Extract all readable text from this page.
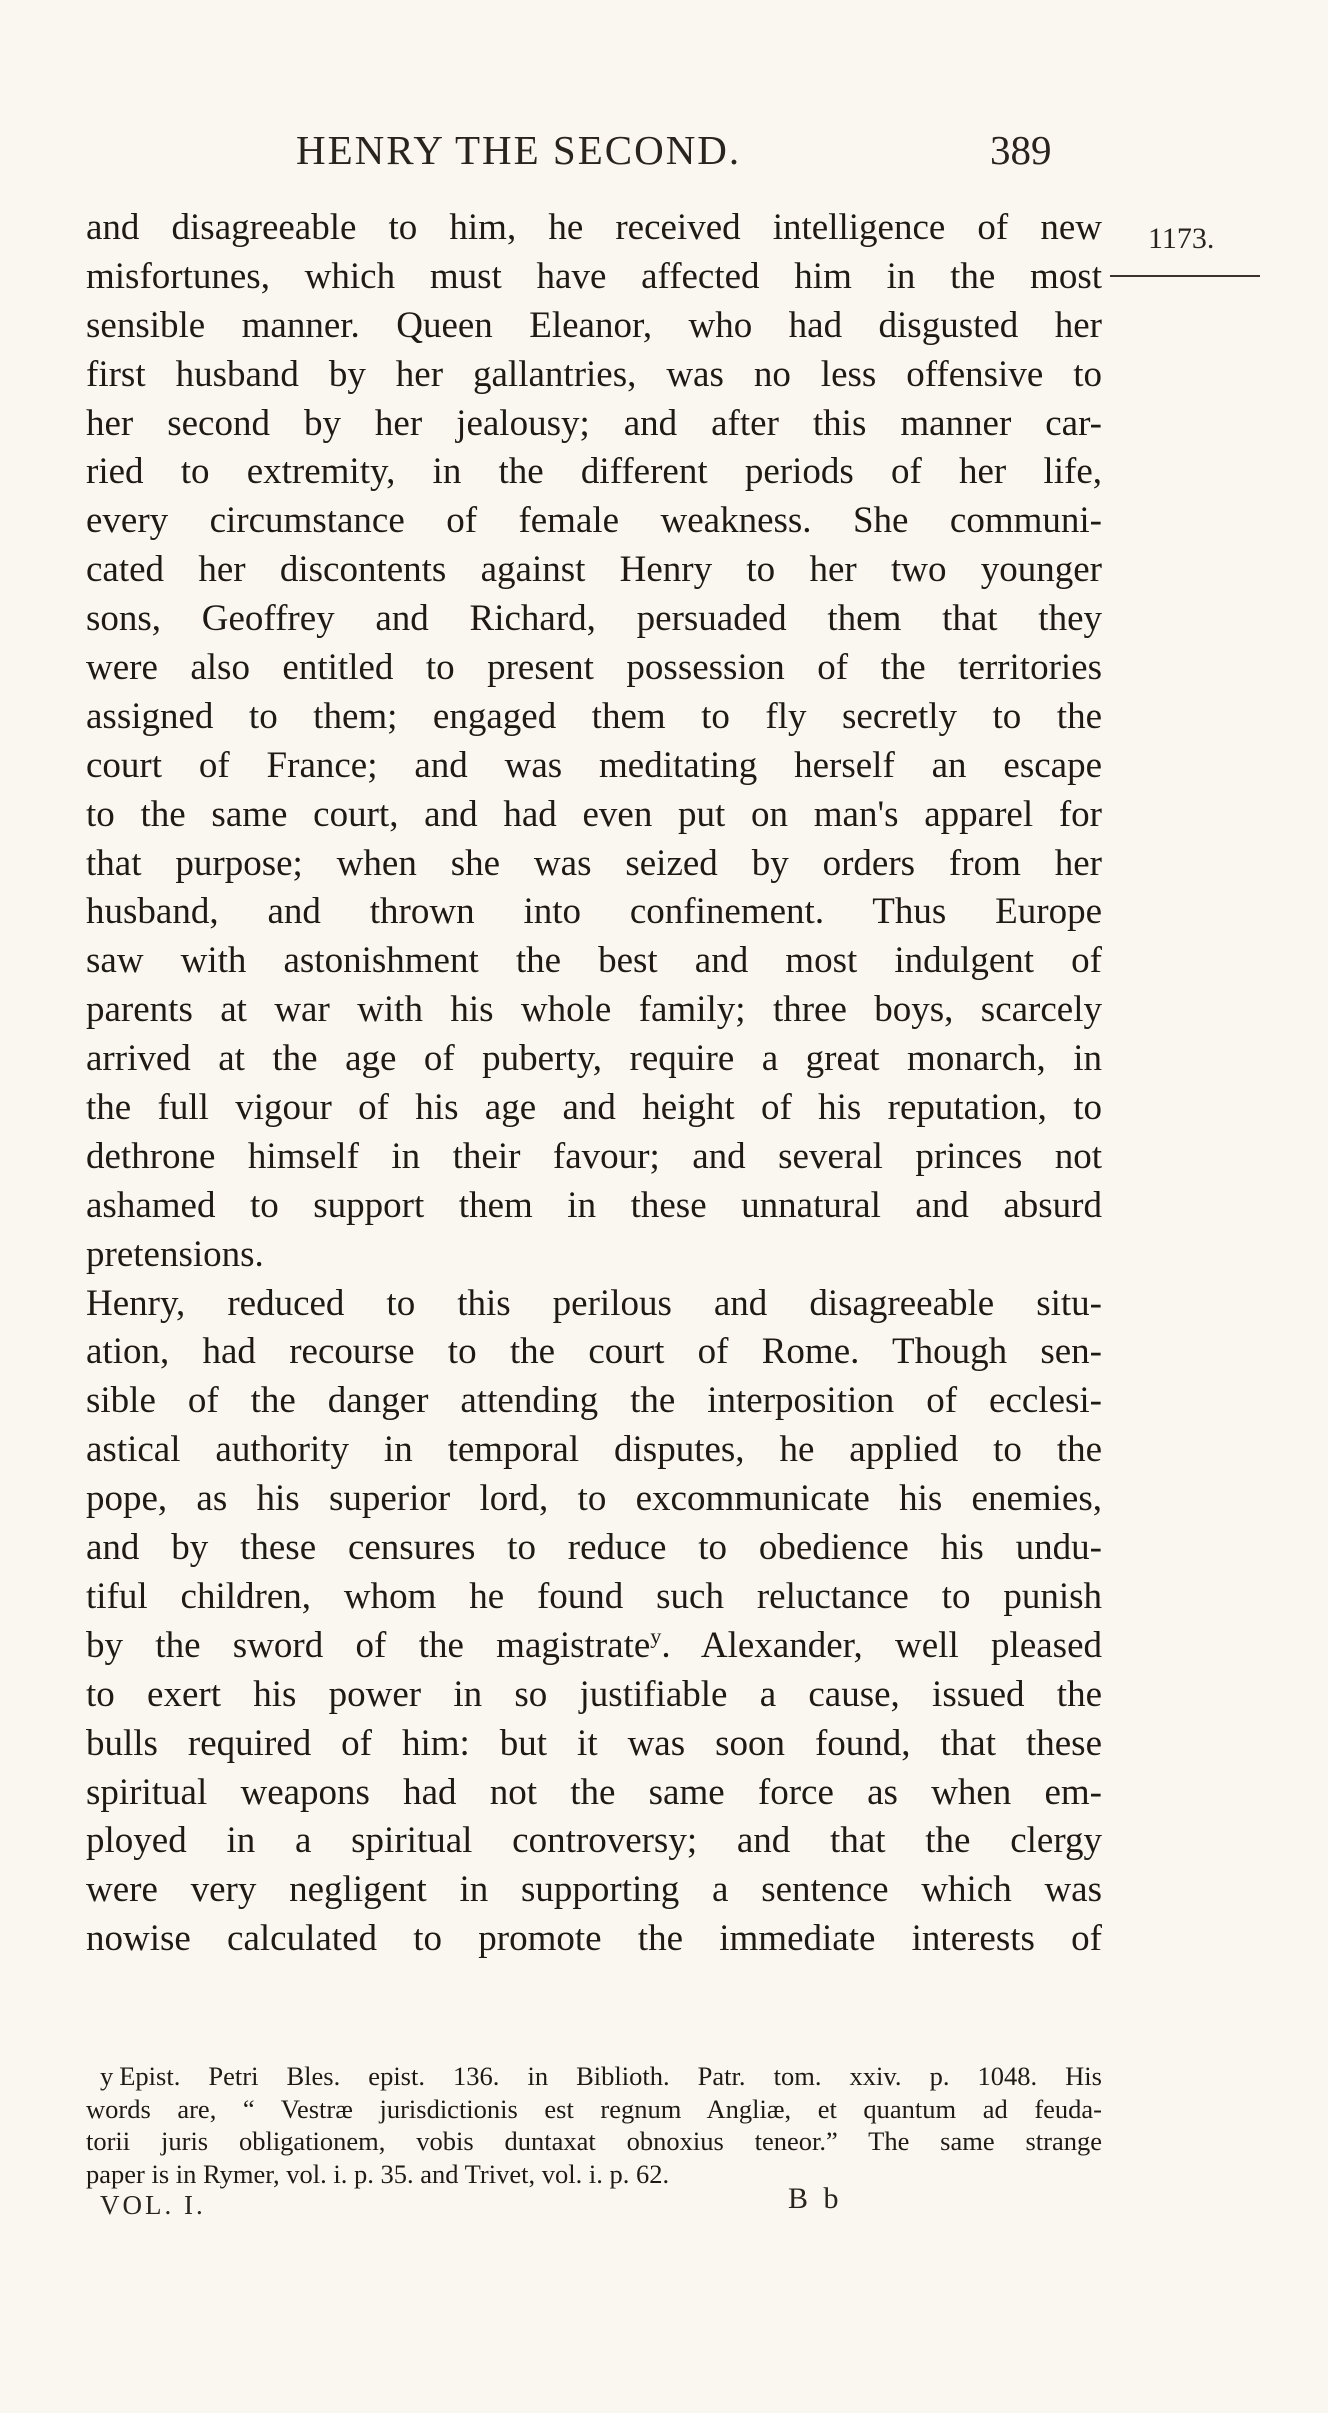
HENRY THE SECOND.	389
1173.
and disagreeable to him, he received intelligence of new
misfortunes, which must have affected him in the most
sensible manner. Queen Eleanor, who had disgusted her
first husband by her gallantries, was no less offensive to
her second by her jealousy; and after this manner car-
ried to extremity, in the different periods of her life,
every circumstance of female weakness. She communi-
cated her discontents against Henry to her two younger
sons, Geoffrey and Richard, persuaded them that they
were also entitled to present possession of the territories
assigned to them; engaged them to fly secretly to the
court of France; and was meditating herself an escape
to the same court, and had even put on man's apparel for
that purpose; when she was seized by orders from her
husband, and thrown into confinement. Thus Europe
saw with astonishment the best and most indulgent of
parents at war with his whole family; three boys, scarcely
arrived at the age of puberty, require a great monarch, in
the full vigour of his age and height of his reputation, to
dethrone himself in their favour; and several princes not
ashamed to support them in these unnatural and absurd
pretensions.
Henry, reduced to this perilous and disagreeable situ-
ation, had recourse to the court of Rome. Though sen-
sible of the danger attending the interposition of ecclesi-
astical authority in temporal disputes, he applied to the
pope, as his superior lord, to excommunicate his enemies,
and by these censures to reduce to obedience his undu-
tiful children, whom he found such reluctance to punish
by the sword of the magistrate$^y$. Alexander, well pleased
to exert his power in so justifiable a cause, issued the
bulls required of him: but it was soon found, that these
spiritual weapons had not the same force as when em-
ployed in a spiritual controversy; and that the clergy
were very negligent in supporting a sentence which was
nowise calculated to promote the immediate interests of
y Epist. Petri Bles. epist. 136. in Biblioth. Patr. tom. xxiv. p. 1048. His
words are, “ Vestræ jurisdictionis est regnum Angliæ, et quantum ad feuda-
torii juris obligationem, vobis duntaxat obnoxius teneor.” The same strange
paper is in Rymer, vol. i. p. 35. and Trivet, vol. i. p. 62.
VOL. I.	B b
